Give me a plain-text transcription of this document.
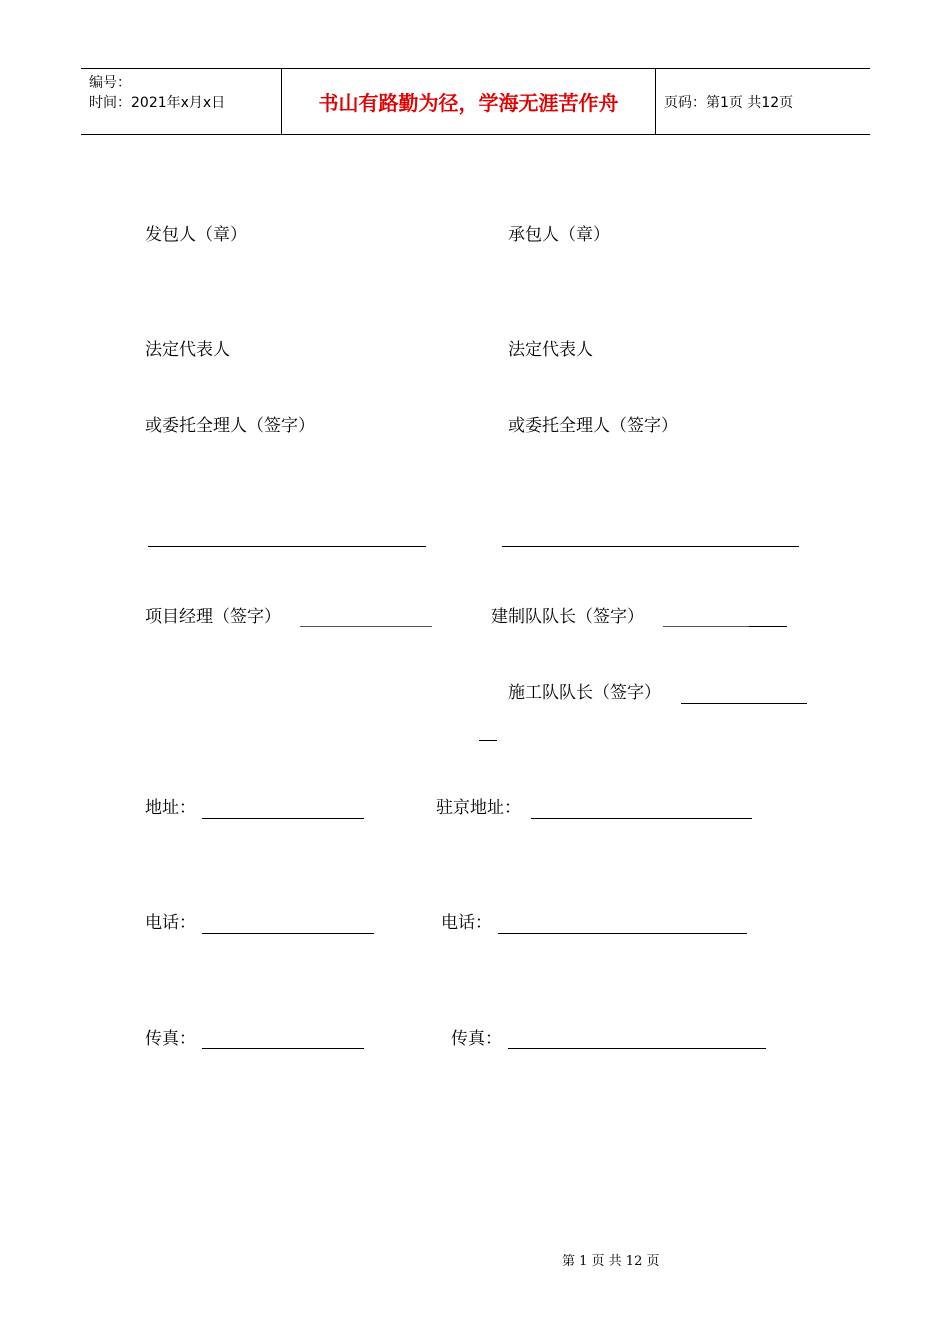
编号：
时间：2021年x月x日	书山有路勤为径，学海无涯苦作舟	页码：第1页 共12页
发包人（章）	承包人（章）
法定代表人	法定代表人
或委托全理人（签字）	或委托全理人（签字）
项目经理（签字）	建制队队长（签字）
施工队队长（签字）
地址：	驻京地址：
电话：	电话：
传真：	传真：
第 1 页 共 12 页
